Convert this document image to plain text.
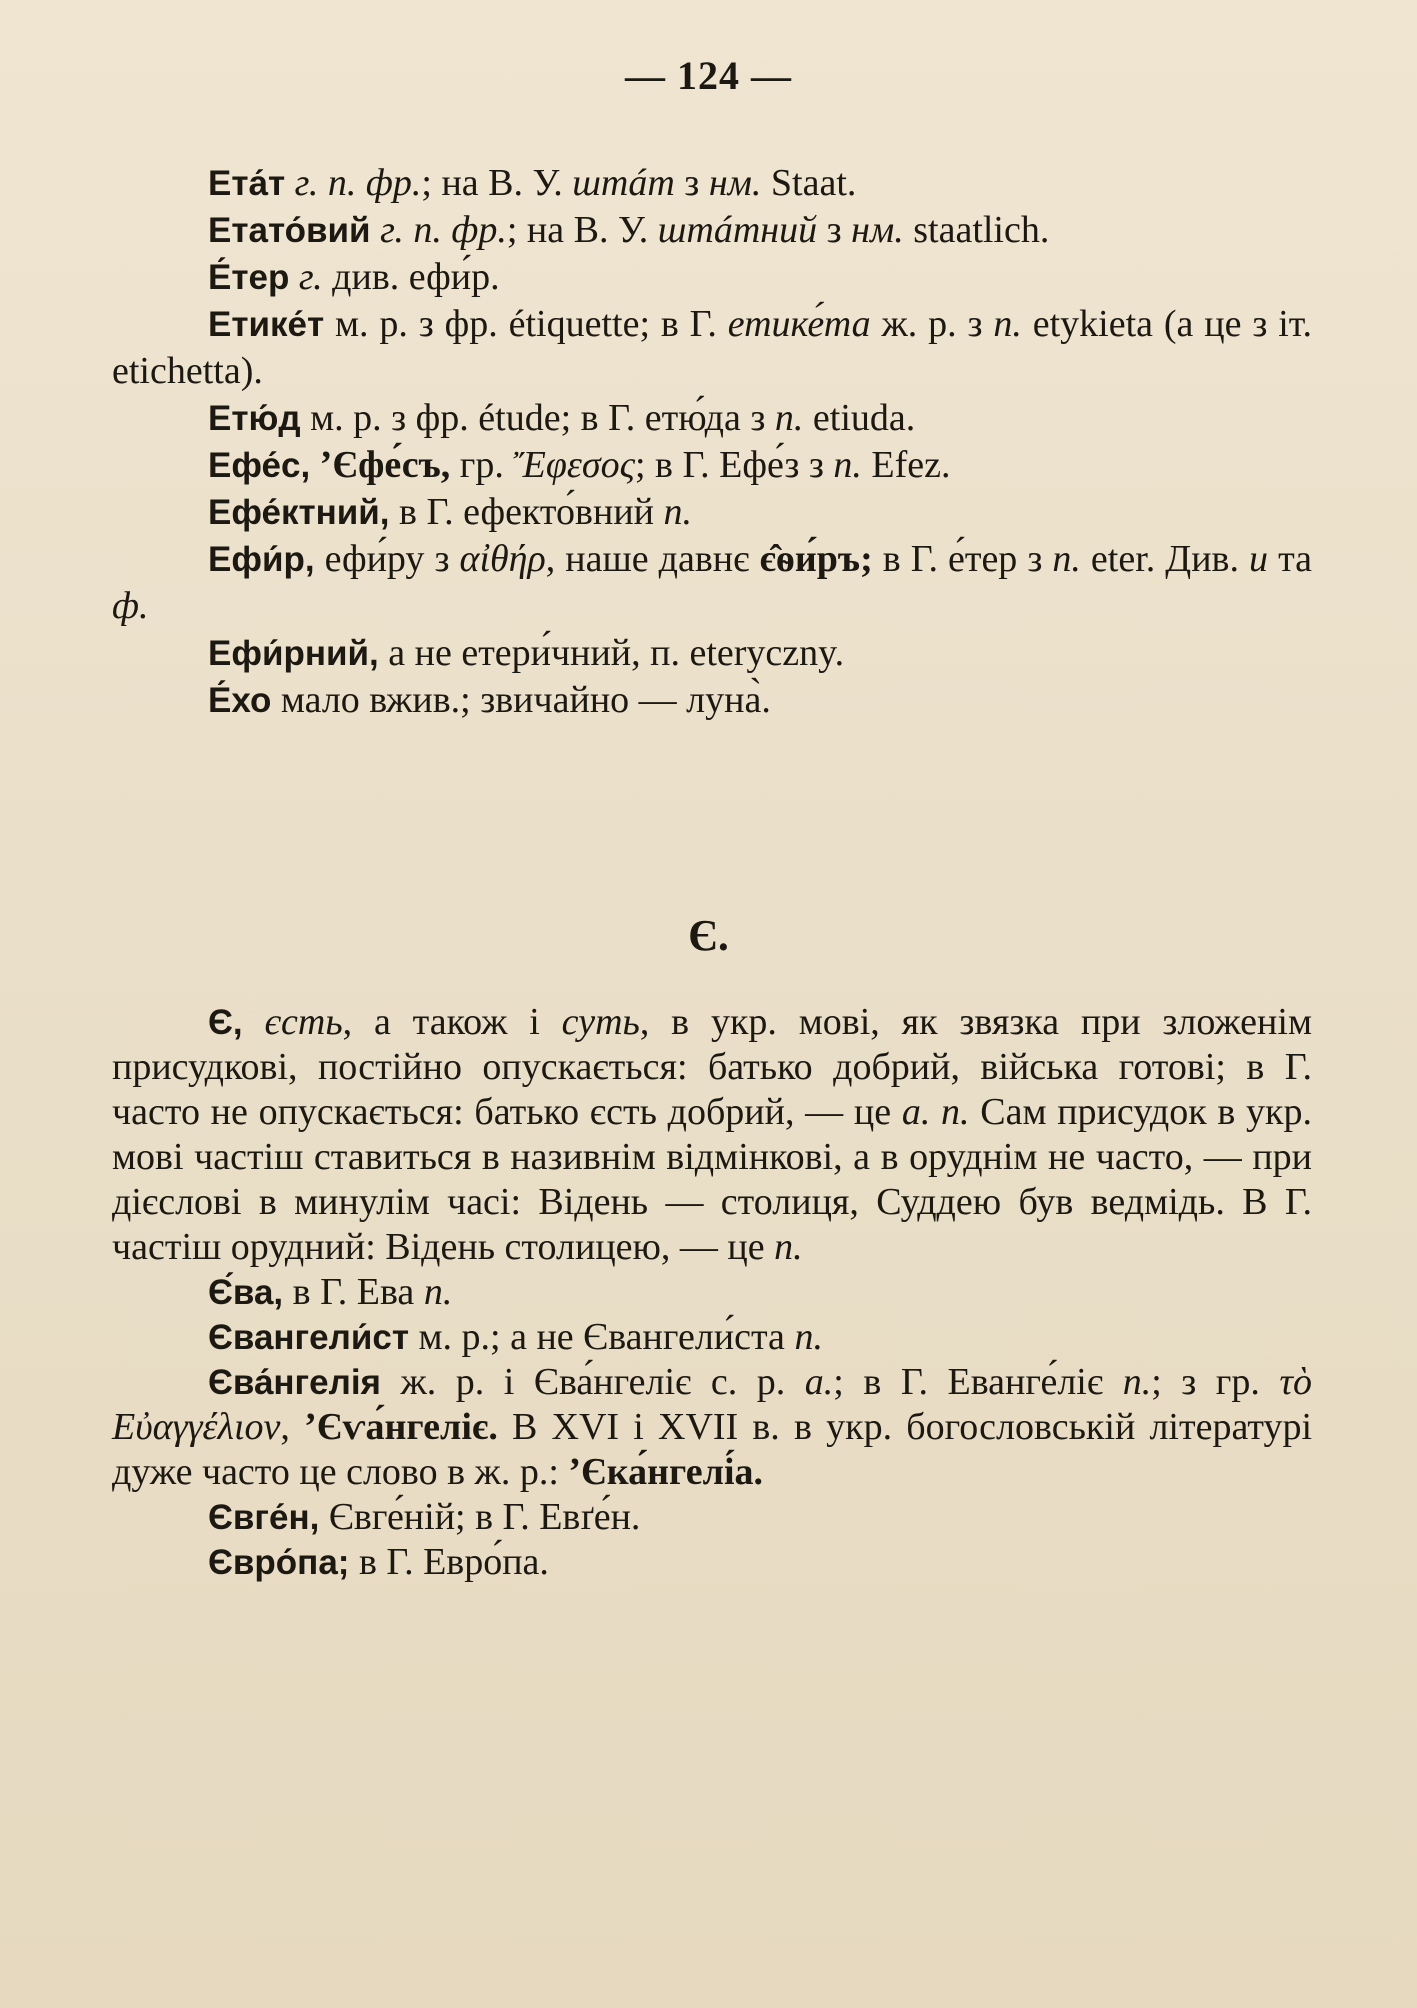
— 124 —

Ета́т г. п. фр.; на В. У. штáт з нм. Staat.

Етато́вий г. п. фр.; на В. У. штáтний з нм. staatlich.

Е́тер г. див. ефи́р.

Етике́т м. р. з фр. étiquette; в Г. етике́та ж. р. з п. etykieta (а це з іт. etichetta).

Етю́д м. р. з фр. étude; в Г. етю́да з п. etiuda.

Ефе́с, ʼЄфе́съ, гр. Ἔφεσος; в Г. Ефе́з з п. Efez.

Ефе́ктний, в Г. ефекто́вний п.

Ефи́р, ефи́ру з αἰθήρ, наше давнє є̂ѳи́ръ; в Г. е́тер з п. eter. Див. и та ф.

Ефи́рний, а не етери́чний, п. eteryczny.

Е́хо мало вжив.; звичайно — луна̀.

Є.

Є, єсть, а також і суть, в укр. мові, як звязка при зложенім присудкові, постійно опускається: батько добрий, війська готові; в Г. часто не опускається: батько єсть добрий, — це а. п. Сам присудок в укр. мові частіш ставиться в називнім відмінкові, а в оруднім не часто, — при дієслові в минулім часі: Відень — столиця, Суддею був ведмідь. В Г. частіш орудний: Відень столицею, — це п.

Є́ва, в Г. Ева п.

Євангели́ст м. р.; а не Євангели́ста п.

Єва́нгелія ж. р. і Єва́нгеліє с. р. а.; в Г. Еванге́ліє п.; з гр. τὸ Εὐαγγέλιον, ʼЄѵа́нгеліє. В XVI і XVII в. в укр. богословській літературі дуже часто це слово в ж. р.: ʼЄка́нгелі́а.

Євге́н, Євге́ній; в Г. Евґе́н.

Євро́па; в Г. Евро́па.
